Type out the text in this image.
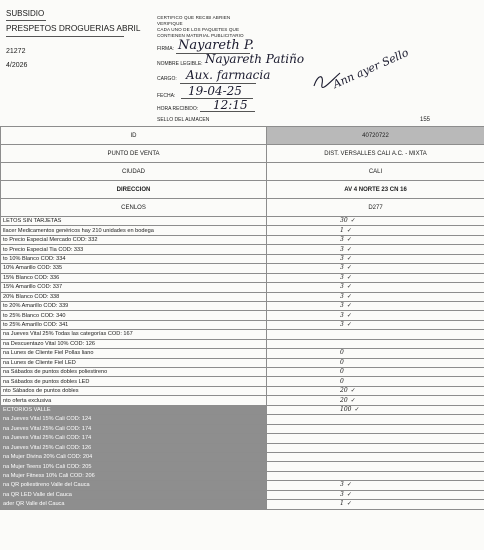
SUBSIDIO
PRESPETOS DROGUERIAS ABRIL
21272
4/2026
CERTIFICO QUE RECIBI ABRIEN
VERIFIQUE
CADA UNO DE LOS PAQUETES QUE
CONTIENEN MATERIAL PUBLICITARIO
FIRMA: Nayareth P.
NOMBRE LEGIBLE: Nayareth Patiño
CARGO: Aux. farmacia
FECHA: 19-04-25
HORA RECIBIDO: 12:15
SELLO DEL ALMACEN
Ann ayer Sello
155
ID	40720722
PUNTO DE VENTA	DIST. VERSALLES CALI A.C. - MIXTA
CIUDAD	CALI
DIRECCION	AV 4 NORTE 23 CN 16
CENLOS	D277
LETOS SIN TARJETAS	30 ✓
llacer Medicamentos genéricos hay 210 unidades en bodega	1 ✓
to Precio Especial Mercado COD: 332	3 ✓
to Precio Especial Tia COD: 333	3 ✓
to 10% Blanco COD: 334	3 ✓
10% Amarillo COD: 335	3 ✓
15% Blanco COD: 336	3 ✓
15% Amarillo COD: 337	3 ✓
20% Blanco COD: 338	3 ✓
to 20% Amarillo COD: 339	3 ✓
to 25% Blanco COD: 340	3 ✓
to 25% Amarillo COD: 341	3 ✓
na Jueves Vital 25% Todas las categorías COD: 167	
na Descuentazo Vital 10% COD: 126	
na Lunes de Cliente Fiel Pollas liano	0
na Lunes de Cliente Fiel LED	0
na Sábados de puntos dobles poliestireno	0
na Sábados de puntos dobles LED	0
nto Sábados de puntos dobles	20 ✓
nto oferta exclusiva	20 ✓
ECTORIOS VALLE	100 ✓
na Jueves Vital 15% Cali COD: 124	
na Jueves Vital 25% Cali COD: 174	
na Jueves Vital 25% Cali COD: 174	
na Jueves Vital 25% Cali COD: 126	
na Mujer Divina 20% Cali COD: 204	
na Mujer Teens 10% Cali COD: 205	
na Mujer Fitness 10% Cali COD: 206	
na QR poliestireno Valle del Cauca	3 ✓
na QR LED Valle del Cauca	3 ✓
ader QR Valle del Cauca	1 ✓
